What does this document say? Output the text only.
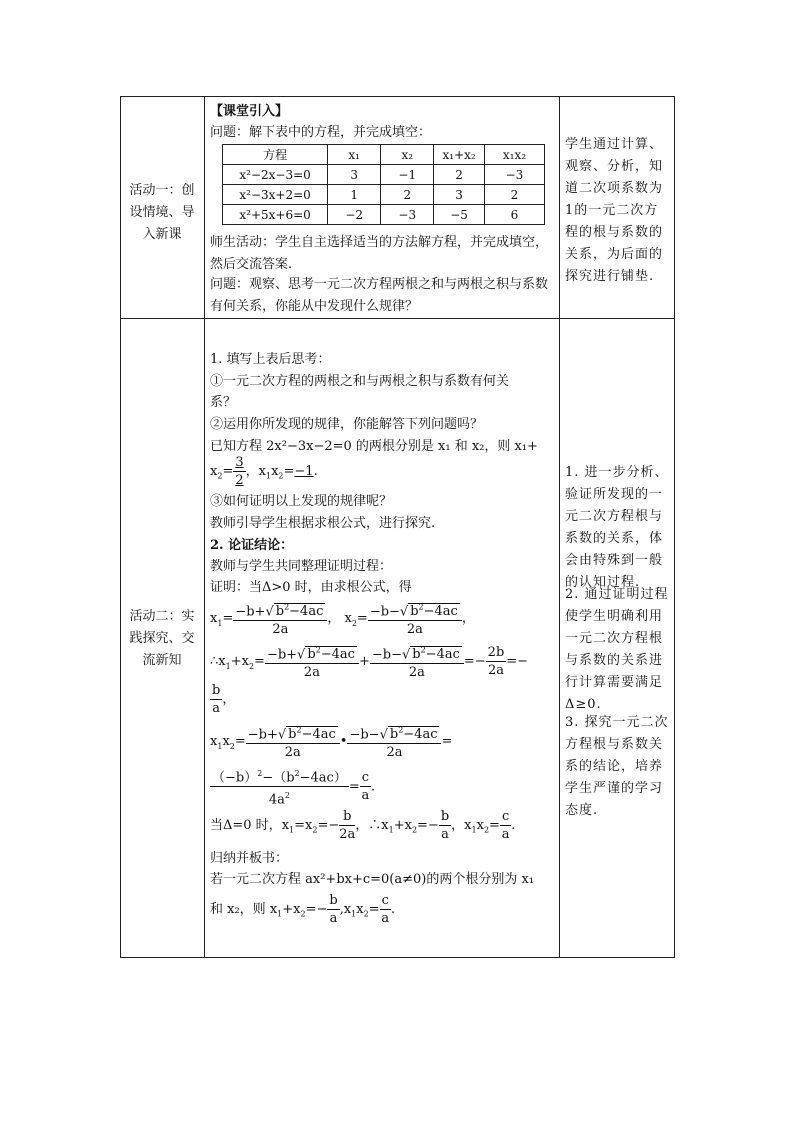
活动一：创设情境、导入新课
【课堂引入】
问题：解下表中的方程，并完成填空：
方程	x₁	x₂	x₁+x₂	x₁x₂
x²−2x−3=0	3	−1	2	−3
x²−3x+2=0	1	2	3	2
x²+5x+6=0	−2	−3	−5	6
师生活动：学生自主选择适当的方法解方程，并完成填空，然后交流答案.
问题：观察、思考一元二次方程两根之和与两根之积与系数有何关系，你能从中发现什么规律？
学生通过计算、观察、分析，知道二次项系数为1的一元二次方程的根与系数的关系，为后面的探究进行铺垫.
活动二：实践探究、交流新知
1. 填写上表后思考：
①一元二次方程的两根之和与两根之积与系数有何关
系？
②运用你所发现的规律，你能解答下列问题吗？
已知方程 2x²−3x−2=0 的两根分别是 x₁ 和 x₂，则 x₁+
$x_2= \frac{3}{2}$ ，$x_1x_2=-1$.
③如何证明以上发现的规律呢？
教师引导学生根据求根公式，进行探究.
2. 论证结论：
教师与学生共同整理证明过程：
证明：当Δ>0 时，由求根公式，得
$x_1= \frac{-b+√ b^2-4ac}{2a}$ ， $x_2= \frac{-b-√ b^2-4ac}{2a}$ ，
$\therefore x_1+x_2= \frac{-b+√ b^2-4ac}{2a} + \frac{-b-√ b^2-4ac}{2a} =- \frac{2b}{2a}$ =−
$\frac{b}{a}$ ，
$x_1x_2= \frac{-b+√ b^2-4ac}{2a}$ • $\frac{-b-√ b^2-4ac}{2a}$ =
$\frac{(-b)^2-(b^2-4ac)}{4a^2} = \frac{c}{a}$ .
当Δ=0 时，$x_1=x_2=- \frac{b}{2a}$ ，$\therefore x_1+x_2=- \frac{b}{a}$ ，$x_1x_2= \frac{c}{a}$ .
归纳并板书：
若一元二次方程 ax²+bx+c=0(a≠0)的两个根分别为 x₁
和 x₂，则 $x_1+x_2=- \frac{b}{a} ,x_1x_2= \frac{c}{a}$ .
1. 进一步分析、验证所发现的一元二次方程根与系数的关系，体会由特殊到一般的认知过程.
2. 通过证明过程使学生明确利用一元二次方程根与系数的关系进行计算需要满足Δ≥0.
3. 探究一元二次方程根与系数关系的结论，培养学生严谨的学习态度.
